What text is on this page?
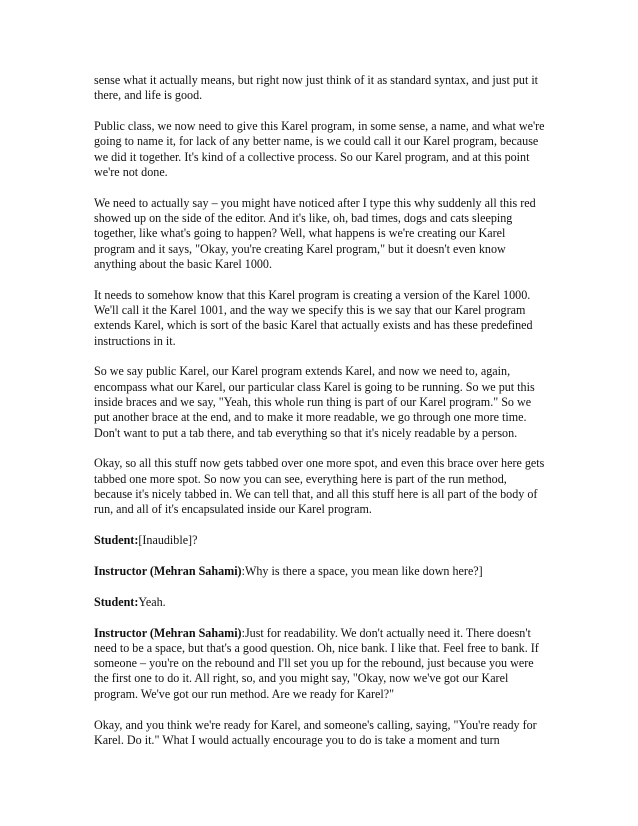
sense what it actually means, but right now just think of it as standard syntax, and just put it there, and life is good.

Public class, we now need to give this Karel program, in some sense, a name, and what we're going to name it, for lack of any better name, is we could call it our Karel program, because we did it together. It's kind of a collective process. So our Karel program, and at this point we're not done.

We need to actually say – you might have noticed after I type this why suddenly all this red showed up on the side of the editor. And it's like, oh, bad times, dogs and cats sleeping together, like what's going to happen? Well, what happens is we're creating our Karel program and it says, "Okay, you're creating Karel program," but it doesn't even know anything about the basic Karel 1000.

It needs to somehow know that this Karel program is creating a version of the Karel 1000. We'll call it the Karel 1001, and the way we specify this is we say that our Karel program extends Karel, which is sort of the basic Karel that actually exists and has these predefined instructions in it.

So we say public Karel, our Karel program extends Karel, and now we need to, again, encompass what our Karel, our particular class Karel is going to be running. So we put this inside braces and we say, "Yeah, this whole run thing is part of our Karel program." So we put another brace at the end, and to make it more readable, we go through one more time. Don't want to put a tab there, and tab everything so that it's nicely readable by a person.

Okay, so all this stuff now gets tabbed over one more spot, and even this brace over here gets tabbed one more spot. So now you can see, everything here is part of the run method, because it's nicely tabbed in. We can tell that, and all this stuff here is all part of the body of run, and all of it's encapsulated inside our Karel program.

Student:[Inaudible]?

Instructor (Mehran Sahami):Why is there a space, you mean like down here?]

Student:Yeah.

Instructor (Mehran Sahami):Just for readability. We don't actually need it. There doesn't need to be a space, but that's a good question. Oh, nice bank. I like that. Feel free to bank. If someone – you're on the rebound and I'll set you up for the rebound, just because you were the first one to do it. All right, so, and you might say, "Okay, now we've got our Karel program. We've got our run method. Are we ready for Karel?"

Okay, and you think we're ready for Karel, and someone's calling, saying, "You're ready for Karel. Do it." What I would actually encourage you to do is take a moment and turn
